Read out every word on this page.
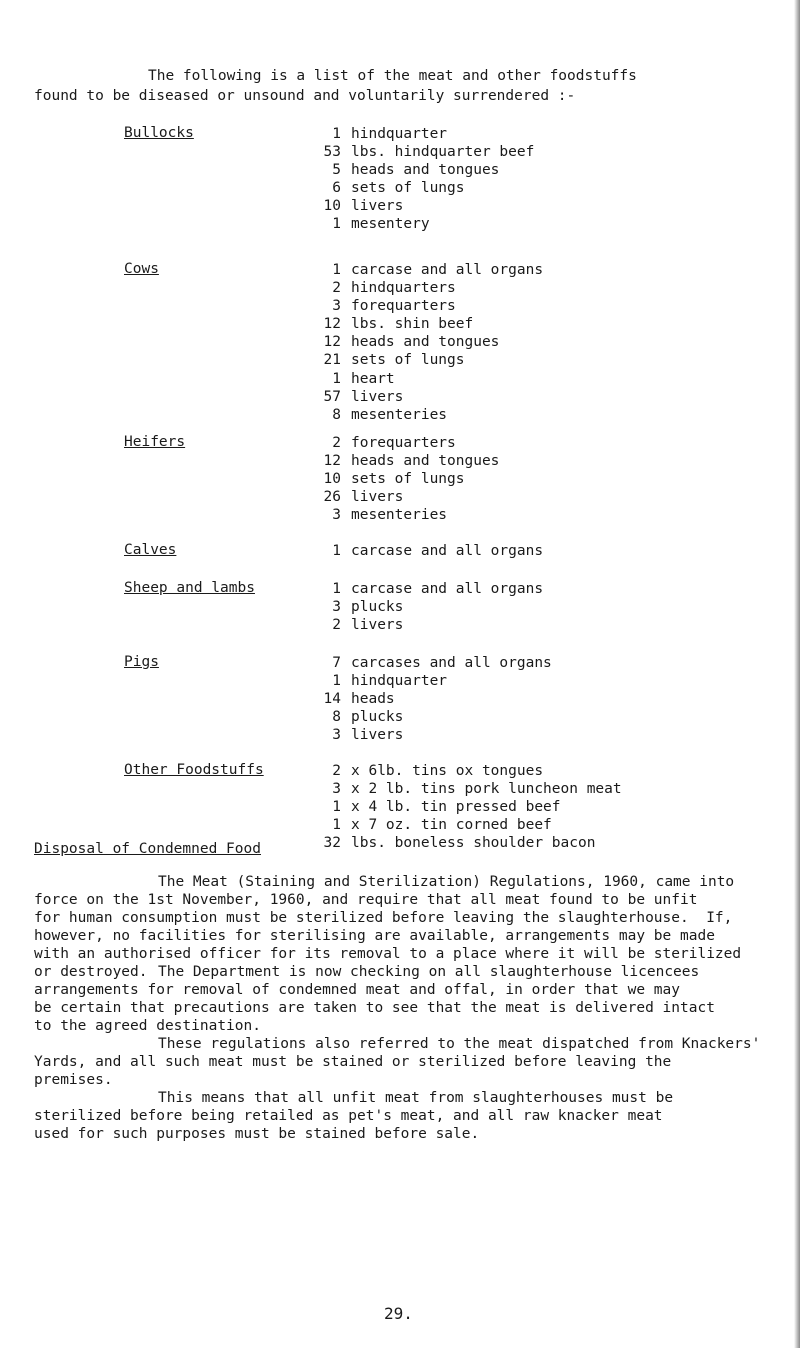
The following is a list of the meat and other foodstuffs
found to be diseased or unsound and voluntarily surrendered :-
Bullocks	1 hindquarter
53 lbs. hindquarter beef
5 heads and tongues
6 sets of lungs
10 livers
1 mesentery
Cows	1 carcase and all organs
2 hindquarters
3 forequarters
12 lbs. shin beef
12 heads and tongues
21 sets of lungs
1 heart
57 livers
8 mesenteries
Heifers	2 forequarters
12 heads and tongues
10 sets of lungs
26 livers
3 mesenteries
Calves	1 carcase and all organs
Sheep and lambs	1 carcase and all organs
3 plucks
2 livers
Pigs	7 carcases and all organs
1 hindquarter
14 heads
8 plucks
3 livers
Other Foodstuffs	2 x 6lb. tins ox tongues
3 x 2 lb. tins pork luncheon meat
1 x 4 lb. tin pressed beef
1 x 7 oz. tin corned beef
32 lbs. boneless shoulder bacon
Disposal of Condemned Food
The Meat (Staining and Sterilization) Regulations, 1960, came into
force on the 1st November, 1960, and require that all meat found to be unfit
for human consumption must be sterilized before leaving the slaughterhouse.  If,
however, no facilities for sterilising are available, arrangements may be made
with an authorised officer for its removal to a place where it will be sterilized
or destroyed. The Department is now checking on all slaughterhouse licencees
arrangements for removal of condemned meat and offal, in order that we may
be certain that precautions are taken to see that the meat is delivered intact
to the agreed destination.
These regulations also referred to the meat dispatched from Knackers'
Yards, and all such meat must be stained or sterilized before leaving the
premises.
This means that all unfit meat from slaughterhouses must be
sterilized before being retailed as pet's meat, and all raw knacker meat
used for such purposes must be stained before sale.
29.
